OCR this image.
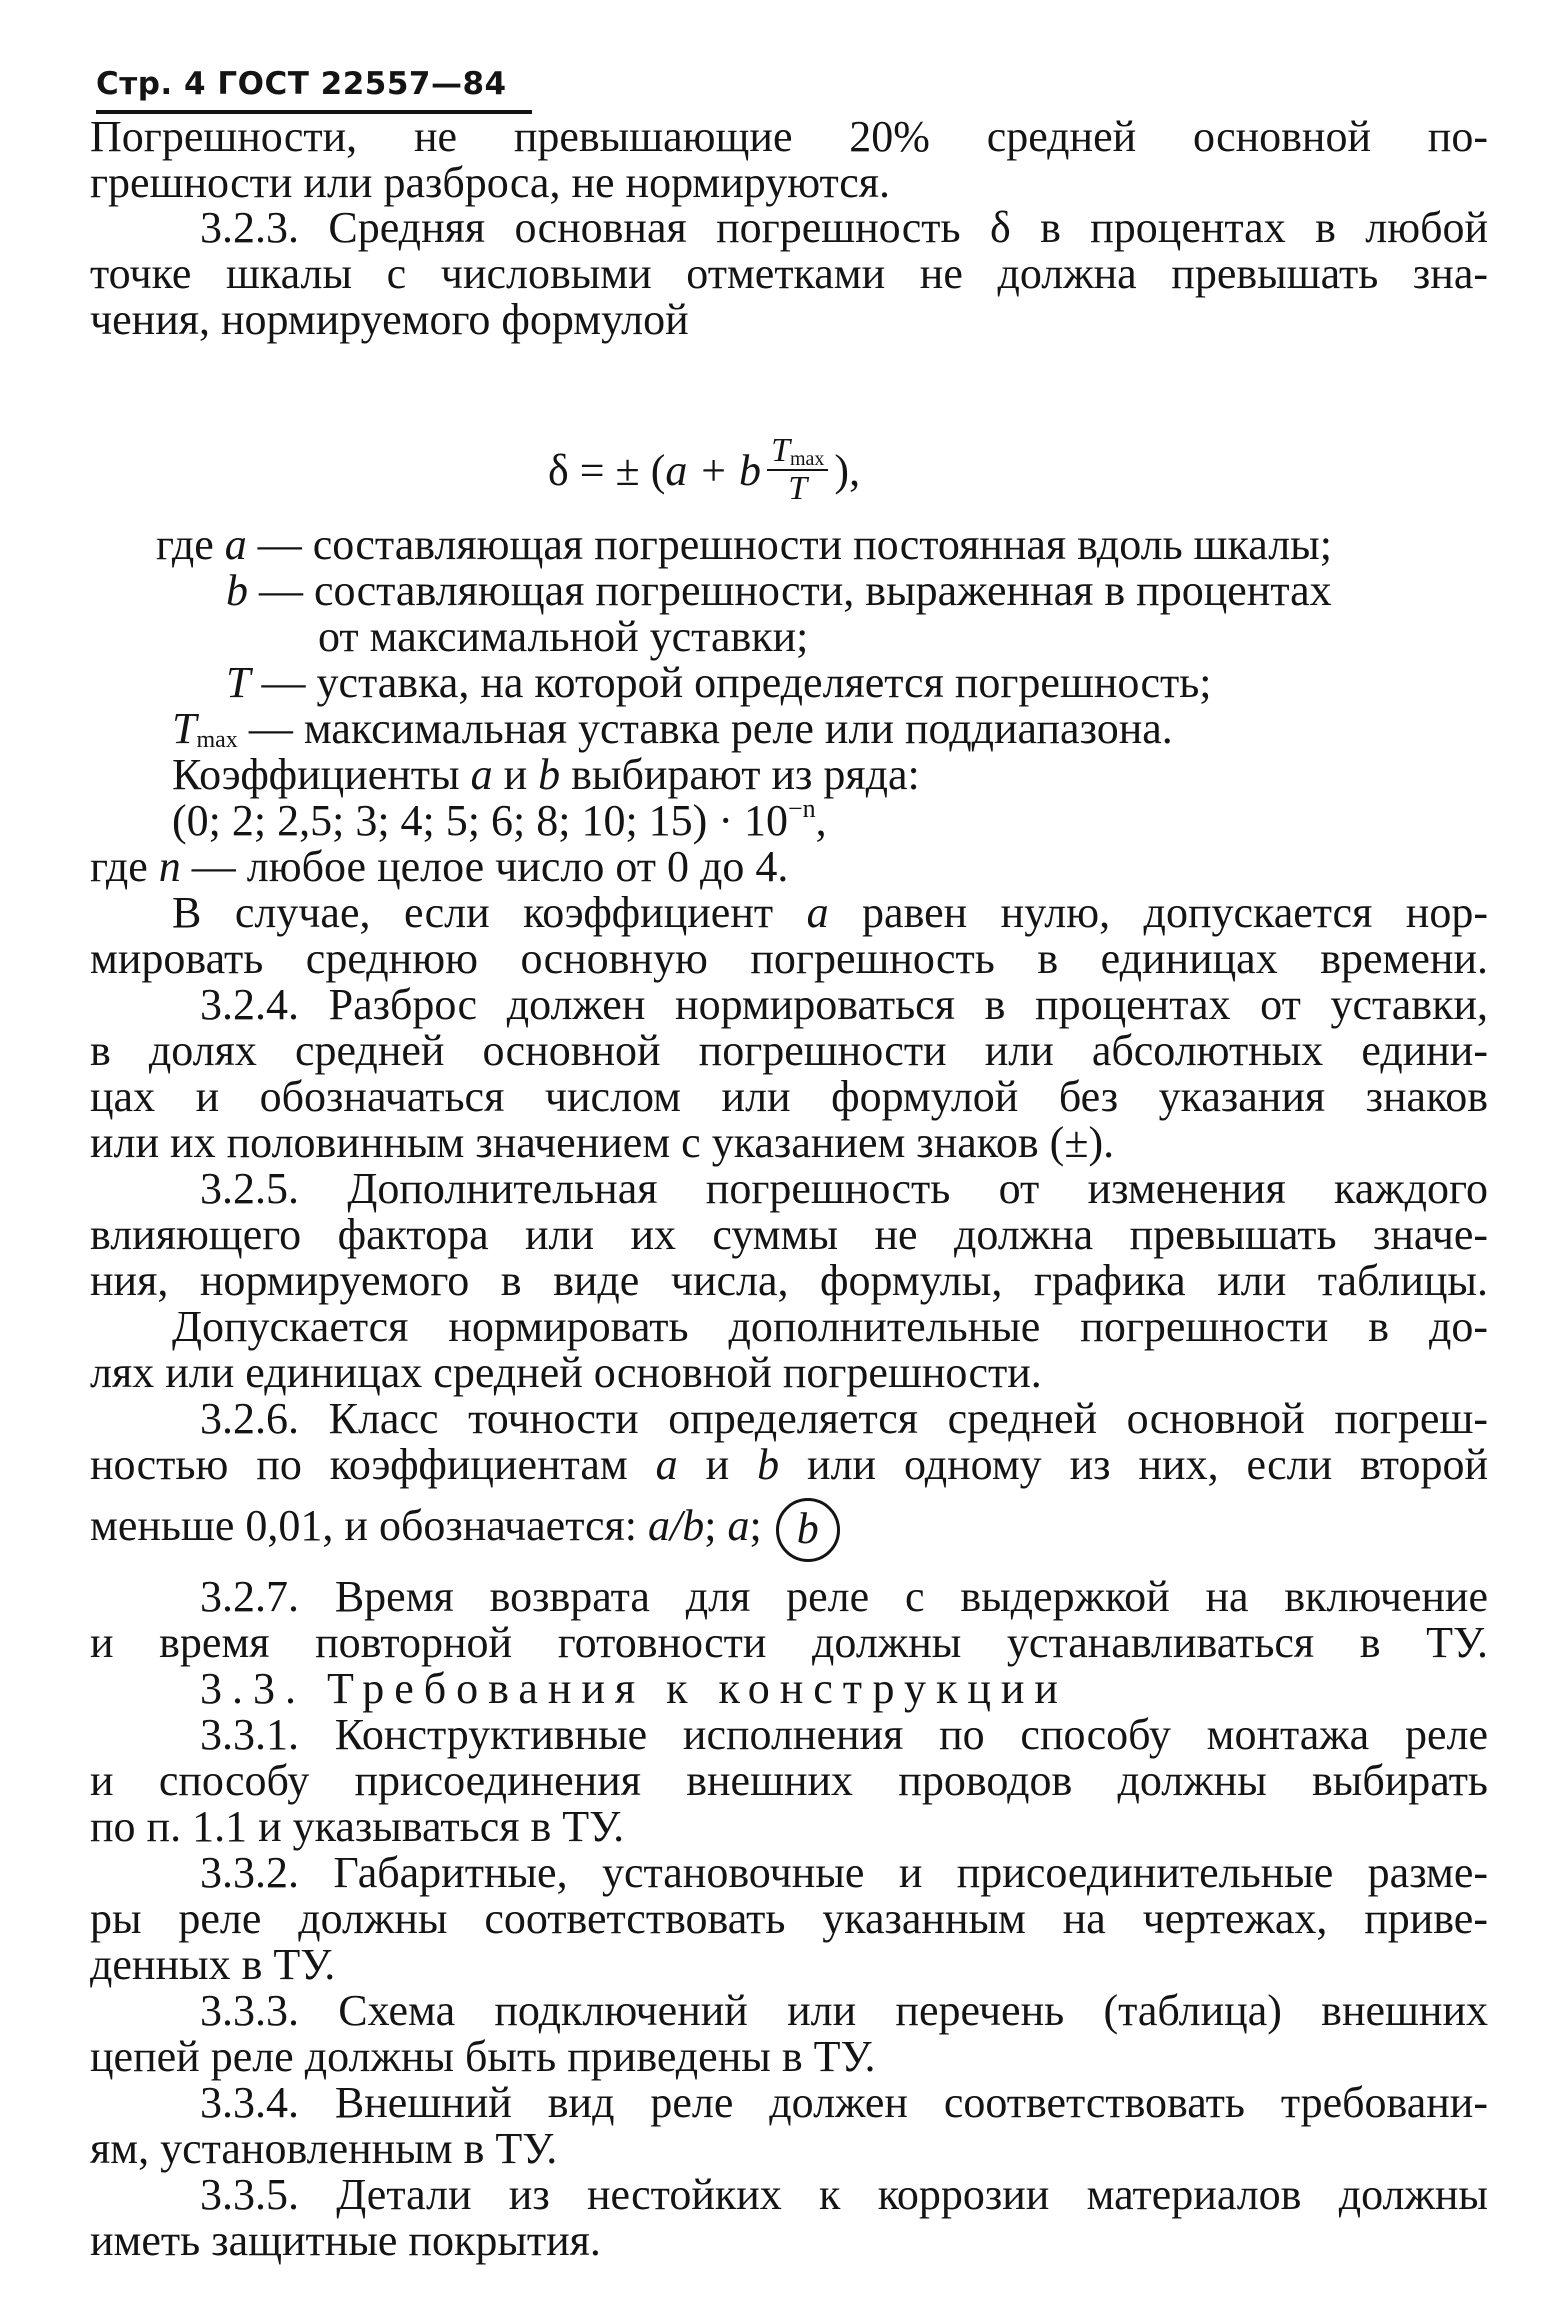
Стр. 4 ГОСТ 22557—84
Погрешности, не превышающие 20% средней основной по-
грешности или разброса, не нормируются.
3.2.3. Средняя основная погрешность δ в процентах в любой
точке шкалы с числовыми отметками не должна превышать зна-
чения, нормируемого формулой
δ = ± ( a + b $\frac{T_{max}}{T}$ ),
где a — составляющая погрешности постоянная вдоль шкалы;
b — составляющая погрешности, выраженная в процентах
от максимальной уставки;
T — уставка, на которой определяется погрешность;
$T_{max}$ — максимальная уставка реле или поддиапазона.
Коэффициенты a и b выбирают из ряда:
(0; 2; 2,5; 3; 4; 5; 6; 8; 10; $15) \cdot 10^{-n}$,
где n — любое целое число от 0 до 4.
В случае, если коэффициент a равен нулю, допускается нор-
мировать среднюю основную погрешность в единицах времени.
3.2.4. Разброс должен нормироваться в процентах от уставки,
в долях средней основной погрешности или абсолютных едини-
цах и обозначаться числом или формулой без указания знаков
или их половинным значением с указанием знаков (±).
3.2.5. Дополнительная погрешность от изменения каждого
влияющего фактора или их суммы не должна превышать значе-
ния, нормируемого в виде числа, формулы, графика или таблицы.
Допускается нормировать дополнительные погрешности в до-
лях или единицах средней основной погрешности.
3.2.6. Класс точности определяется средней основной погреш-
ностью по коэффициентам a и b или одному из них, если второй
меньше 0,01, и обозначается: a/b; a; b
3.2.7. Время возврата для реле с выдержкой на включение
и время повторной готовности должны устанавливаться в ТУ.
3.3. Требования к конструкции
3.3.1. Конструктивные исполнения по способу монтажа реле
и способу присоединения внешних проводов должны выбирать
по п. 1.1 и указываться в ТУ.
3.3.2. Габаритные, установочные и присоединительные разме-
ры реле должны соответствовать указанным на чертежах, приве-
денных в ТУ.
3.3.3. Схема подключений или перечень (таблица) внешних
цепей реле должны быть приведены в ТУ.
3.3.4. Внешний вид реле должен соответствовать требовани-
ям, установленным в ТУ.
3.3.5. Детали из нестойких к коррозии материалов должны
иметь защитные покрытия.
